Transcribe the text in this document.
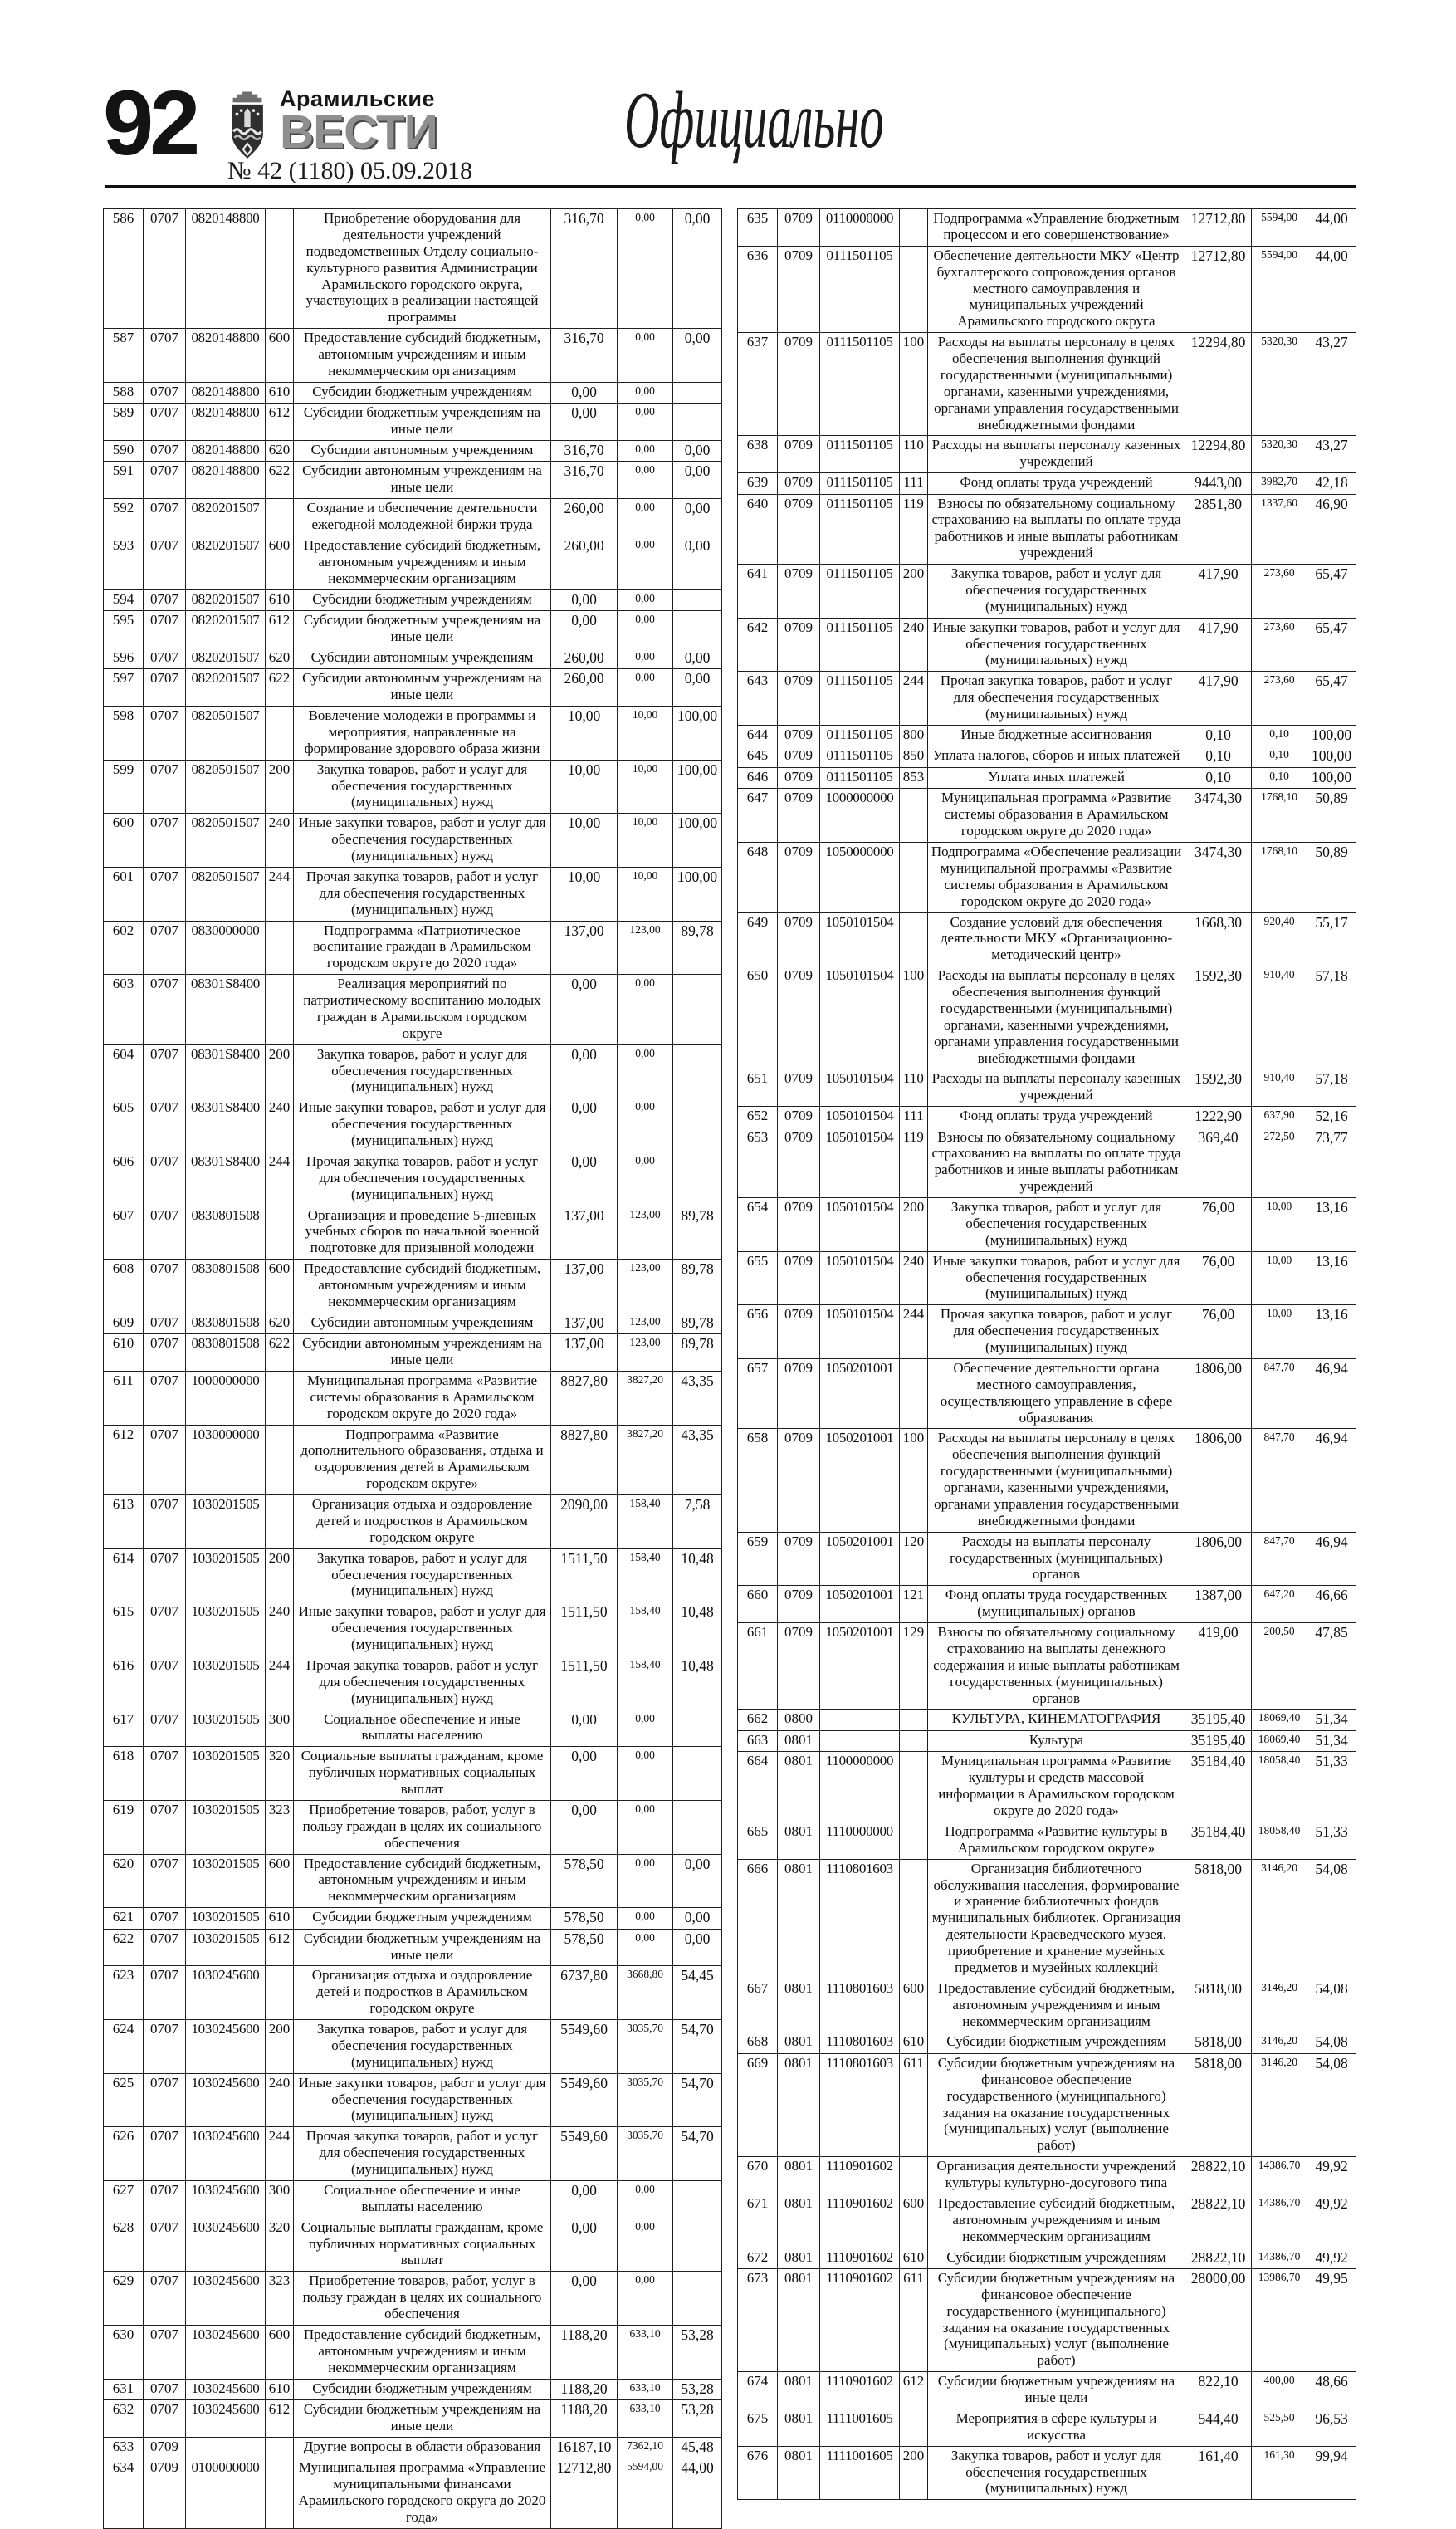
92	Арамильские
ВЕСТИ
№ 42 (1180) 05.09.2018
Официально
586	0707	0820148800		Приобретение оборудования для деятельности учреждений подведомственных Отделу социально-культурного развития Администрации Арамильского городского округа, участвующих в реализации настоящей программы	316,70	0,00	0,00
587	0707	0820148800	600	Предоставление субсидий бюджетным, автономным учреждениям и иным некоммерческим организациям	316,70	0,00	0,00
588	0707	0820148800	610	Субсидии бюджетным учреждениям	0,00	0,00	
589	0707	0820148800	612	Субсидии бюджетным учреждениям на иные цели	0,00	0,00	
590	0707	0820148800	620	Субсидии автономным учреждениям	316,70	0,00	0,00
591	0707	0820148800	622	Субсидии автономным учреждениям на иные цели	316,70	0,00	0,00
592	0707	0820201507		Создание и обеспечение деятельности ежегодной молодежной биржи труда	260,00	0,00	0,00
593	0707	0820201507	600	Предоставление субсидий бюджетным, автономным учреждениям и иным некоммерческим организациям	260,00	0,00	0,00
594	0707	0820201507	610	Субсидии бюджетным учреждениям	0,00	0,00	
595	0707	0820201507	612	Субсидии бюджетным учреждениям на иные цели	0,00	0,00	
596	0707	0820201507	620	Субсидии автономным учреждениям	260,00	0,00	0,00
597	0707	0820201507	622	Субсидии автономным учреждениям на иные цели	260,00	0,00	0,00
598	0707	0820501507		Вовлечение молодежи в программы и мероприятия, направленные на формирование здорового образа жизни	10,00	10,00	100,00
599	0707	0820501507	200	Закупка товаров, работ и услуг для обеспечения государственных (муниципальных) нужд	10,00	10,00	100,00
600	0707	0820501507	240	Иные закупки товаров, работ и услуг для обеспечения государственных (муниципальных) нужд	10,00	10,00	100,00
601	0707	0820501507	244	Прочая закупка товаров, работ и услуг для обеспечения государственных (муниципальных) нужд	10,00	10,00	100,00
602	0707	0830000000		Подпрограмма «Патриотическое воспитание граждан в Арамильском городском округе до 2020 года»	137,00	123,00	89,78
603	0707	08301S8400		Реализация мероприятий по патриотическому воспитанию молодых граждан в Арамильском городском округе	0,00	0,00	
604	0707	08301S8400	200	Закупка товаров, работ и услуг для обеспечения государственных (муниципальных) нужд	0,00	0,00	
605	0707	08301S8400	240	Иные закупки товаров, работ и услуг для обеспечения государственных (муниципальных) нужд	0,00	0,00	
606	0707	08301S8400	244	Прочая закупка товаров, работ и услуг для обеспечения государственных (муниципальных) нужд	0,00	0,00	
607	0707	0830801508		Организация и проведение 5-дневных учебных сборов по начальной военной подготовке для призывной молодежи	137,00	123,00	89,78
608	0707	0830801508	600	Предоставление субсидий бюджетным, автономным учреждениям и иным некоммерческим организациям	137,00	123,00	89,78
609	0707	0830801508	620	Субсидии автономным учреждениям	137,00	123,00	89,78
610	0707	0830801508	622	Субсидии автономным учреждениям на иные цели	137,00	123,00	89,78
611	0707	1000000000		Муниципальная программа «Развитие системы образования в Арамильском городском округе до 2020 года»	8827,80	3827,20	43,35
612	0707	1030000000		Подпрограмма «Развитие дополнительного образования, отдыха и оздоровления детей в Арамильском городском округе»	8827,80	3827,20	43,35
613	0707	1030201505		Организация отдыха и оздоровление детей и подростков в Арамильском городском округе	2090,00	158,40	7,58
614	0707	1030201505	200	Закупка товаров, работ и услуг для обеспечения государственных (муниципальных) нужд	1511,50	158,40	10,48
615	0707	1030201505	240	Иные закупки товаров, работ и услуг для обеспечения государственных (муниципальных) нужд	1511,50	158,40	10,48
616	0707	1030201505	244	Прочая закупка товаров, работ и услуг для обеспечения государственных (муниципальных) нужд	1511,50	158,40	10,48
617	0707	1030201505	300	Социальное обеспечение и иные выплаты населению	0,00	0,00	
618	0707	1030201505	320	Социальные выплаты гражданам, кроме публичных нормативных социальных выплат	0,00	0,00	
619	0707	1030201505	323	Приобретение товаров, работ, услуг в пользу граждан в целях их социального обеспечения	0,00	0,00	
620	0707	1030201505	600	Предоставление субсидий бюджетным, автономным учреждениям и иным некоммерческим организациям	578,50	0,00	0,00
621	0707	1030201505	610	Субсидии бюджетным учреждениям	578,50	0,00	0,00
622	0707	1030201505	612	Субсидии бюджетным учреждениям на иные цели	578,50	0,00	0,00
623	0707	1030245600		Организация отдыха и оздоровление детей и подростков в Арамильском городском округе	6737,80	3668,80	54,45
624	0707	1030245600	200	Закупка товаров, работ и услуг для обеспечения государственных (муниципальных) нужд	5549,60	3035,70	54,70
625	0707	1030245600	240	Иные закупки товаров, работ и услуг для обеспечения государственных (муниципальных) нужд	5549,60	3035,70	54,70
626	0707	1030245600	244	Прочая закупка товаров, работ и услуг для обеспечения государственных (муниципальных) нужд	5549,60	3035,70	54,70
627	0707	1030245600	300	Социальное обеспечение и иные выплаты населению	0,00	0,00	
628	0707	1030245600	320	Социальные выплаты гражданам, кроме публичных нормативных социальных выплат	0,00	0,00	
629	0707	1030245600	323	Приобретение товаров, работ, услуг в пользу граждан в целях их социального обеспечения	0,00	0,00	
630	0707	1030245600	600	Предоставление субсидий бюджетным, автономным учреждениям и иным некоммерческим организациям	1188,20	633,10	53,28
631	0707	1030245600	610	Субсидии бюджетным учреждениям	1188,20	633,10	53,28
632	0707	1030245600	612	Субсидии бюджетным учреждениям на иные цели	1188,20	633,10	53,28
633	0709			Другие вопросы в области образования	16187,10	7362,10	45,48
634	0709	0100000000		Муниципальная программа «Управление муниципальными финансами Арамильского городского округа до 2020 года»	12712,80	5594,00	44,00
635	0709	0110000000		Подпрограмма «Управление бюджетным процессом и его совершенствование»	12712,80	5594,00	44,00
636	0709	0111501105		Обеспечение деятельности МКУ «Центр бухгалтерского сопровождения органов местного самоуправления и муниципальных учреждений Арамильского городского округа	12712,80	5594,00	44,00
637	0709	0111501105	100	Расходы на выплаты персоналу в целях обеспечения выполнения функций государственными (муниципальными) органами, казенными учреждениями, органами управления государственными внебюджетными фондами	12294,80	5320,30	43,27
638	0709	0111501105	110	Расходы на выплаты персоналу казенных учреждений	12294,80	5320,30	43,27
639	0709	0111501105	111	Фонд оплаты труда учреждений	9443,00	3982,70	42,18
640	0709	0111501105	119	Взносы по обязательному социальному страхованию на выплаты по оплате труда работников и иные выплаты работникам учреждений	2851,80	1337,60	46,90
641	0709	0111501105	200	Закупка товаров, работ и услуг для обеспечения государственных (муниципальных) нужд	417,90	273,60	65,47
642	0709	0111501105	240	Иные закупки товаров, работ и услуг для обеспечения государственных (муниципальных) нужд	417,90	273,60	65,47
643	0709	0111501105	244	Прочая закупка товаров, работ и услуг для обеспечения государственных (муниципальных) нужд	417,90	273,60	65,47
644	0709	0111501105	800	Иные бюджетные ассигнования	0,10	0,10	100,00
645	0709	0111501105	850	Уплата налогов, сборов и иных платежей	0,10	0,10	100,00
646	0709	0111501105	853	Уплата иных платежей	0,10	0,10	100,00
647	0709	1000000000		Муниципальная программа «Развитие системы образования в Арамильском городском округе до 2020 года»	3474,30	1768,10	50,89
648	0709	1050000000		Подпрограмма «Обеспечение реализации муниципальной программы «Развитие системы образования в Арамильском городском округе до 2020 года»	3474,30	1768,10	50,89
649	0709	1050101504		Создание условий для обеспечения деятельности МКУ «Организационно-методический центр»	1668,30	920,40	55,17
650	0709	1050101504	100	Расходы на выплаты персоналу в целях обеспечения выполнения функций государственными (муниципальными) органами, казенными учреждениями, органами управления государственными внебюджетными фондами	1592,30	910,40	57,18
651	0709	1050101504	110	Расходы на выплаты персоналу казенных учреждений	1592,30	910,40	57,18
652	0709	1050101504	111	Фонд оплаты труда учреждений	1222,90	637,90	52,16
653	0709	1050101504	119	Взносы по обязательному социальному страхованию на выплаты по оплате труда работников и иные выплаты работникам учреждений	369,40	272,50	73,77
654	0709	1050101504	200	Закупка товаров, работ и услуг для обеспечения государственных (муниципальных) нужд	76,00	10,00	13,16
655	0709	1050101504	240	Иные закупки товаров, работ и услуг для обеспечения государственных (муниципальных) нужд	76,00	10,00	13,16
656	0709	1050101504	244	Прочая закупка товаров, работ и услуг для обеспечения государственных (муниципальных) нужд	76,00	10,00	13,16
657	0709	1050201001		Обеспечение деятельности органа местного самоуправления, осуществляющего управление в сфере образования	1806,00	847,70	46,94
658	0709	1050201001	100	Расходы на выплаты персоналу в целях обеспечения выполнения функций государственными (муниципальными) органами, казенными учреждениями, органами управления государственными внебюджетными фондами	1806,00	847,70	46,94
659	0709	1050201001	120	Расходы на выплаты персоналу государственных (муниципальных) органов	1806,00	847,70	46,94
660	0709	1050201001	121	Фонд оплаты труда государственных (муниципальных) органов	1387,00	647,20	46,66
661	0709	1050201001	129	Взносы по обязательному социальному страхованию на выплаты денежного содержания и иные выплаты работникам государственных (муниципальных) органов	419,00	200,50	47,85
662	0800			КУЛЬТУРА, КИНЕМАТОГРАФИЯ	35195,40	18069,40	51,34
663	0801			Культура	35195,40	18069,40	51,34
664	0801	1100000000		Муниципальная программа «Развитие культуры и средств массовой информации в Арамильском городском округе до 2020 года»	35184,40	18058,40	51,33
665	0801	1110000000		Подпрограмма «Развитие культуры в Арамильском городском округе»	35184,40	18058,40	51,33
666	0801	1110801603		Организация библиотечного обслуживания населения, формирование и хранение библиотечных фондов муниципальных библиотек. Организация деятельности Краеведческого музея, приобретение и хранение музейных предметов и музейных коллекций	5818,00	3146,20	54,08
667	0801	1110801603	600	Предоставление субсидий бюджетным, автономным учреждениям и иным некоммерческим организациям	5818,00	3146,20	54,08
668	0801	1110801603	610	Субсидии бюджетным учреждениям	5818,00	3146,20	54,08
669	0801	1110801603	611	Субсидии бюджетным учреждениям на финансовое обеспечение государственного (муниципального) задания на оказание государственных (муниципальных) услуг (выполнение работ)	5818,00	3146,20	54,08
670	0801	1110901602		Организация деятельности учреждений культуры культурно-досугового типа	28822,10	14386,70	49,92
671	0801	1110901602	600	Предоставление субсидий бюджетным, автономным учреждениям и иным некоммерческим организациям	28822,10	14386,70	49,92
672	0801	1110901602	610	Субсидии бюджетным учреждениям	28822,10	14386,70	49,92
673	0801	1110901602	611	Субсидии бюджетным учреждениям на финансовое обеспечение государственного (муниципального) задания на оказание государственных (муниципальных) услуг (выполнение работ)	28000,00	13986,70	49,95
674	0801	1110901602	612	Субсидии бюджетным учреждениям на иные цели	822,10	400,00	48,66
675	0801	1111001605		Мероприятия в сфере культуры и искусства	544,40	525,50	96,53
676	0801	1111001605	200	Закупка товаров, работ и услуг для обеспечения государственных (муниципальных) нужд	161,40	161,30	99,94
